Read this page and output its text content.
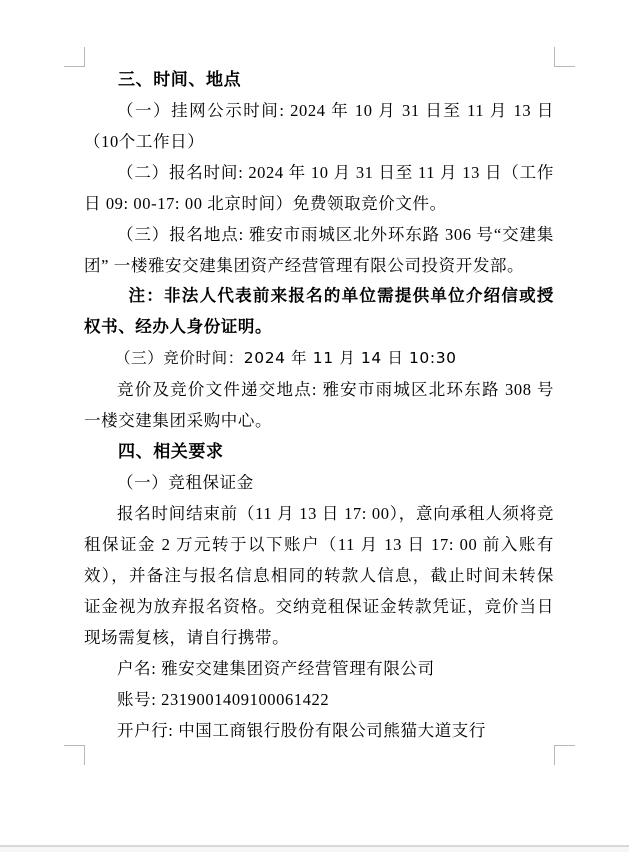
三、时间、地点

（一）挂网公示时间: 2024 年 10 月 31 日至 11 月 13 日（10个工作日）

（二）报名时间: 2024 年 10 月 31 日至 11 月 13 日（工作日 09: 00-17: 00 北京时间）免费领取竞价文件。

（三）报名地点: 雅安市雨城区北外环东路 306 号“交建集团” 一楼雅安交建集团资产经营管理有限公司投资开发部。

注：非法人代表前来报名的单位需提供单位介绍信或授权书、经办人身份证明。

（三）竞价时间：2024 年 11 月 14 日 10:30

竞价及竞价文件递交地点: 雅安市雨城区北环东路 308 号一楼交建集团采购中心。

四、相关要求

（一）竞租保证金

报名时间结束前（11 月 13 日 17: 00），意向承租人须将竞租保证金 2 万元转于以下账户（11 月 13 日 17: 00 前入账有效），并备注与报名信息相同的转款人信息，截止时间未转保证金视为放弃报名资格。交纳竞租保证金转款凭证，竞价当日现场需复核，请自行携带。

户名: 雅安交建集团资产经营管理有限公司

账号: 2319001409100061422

开户行: 中国工商银行股份有限公司熊猫大道支行
